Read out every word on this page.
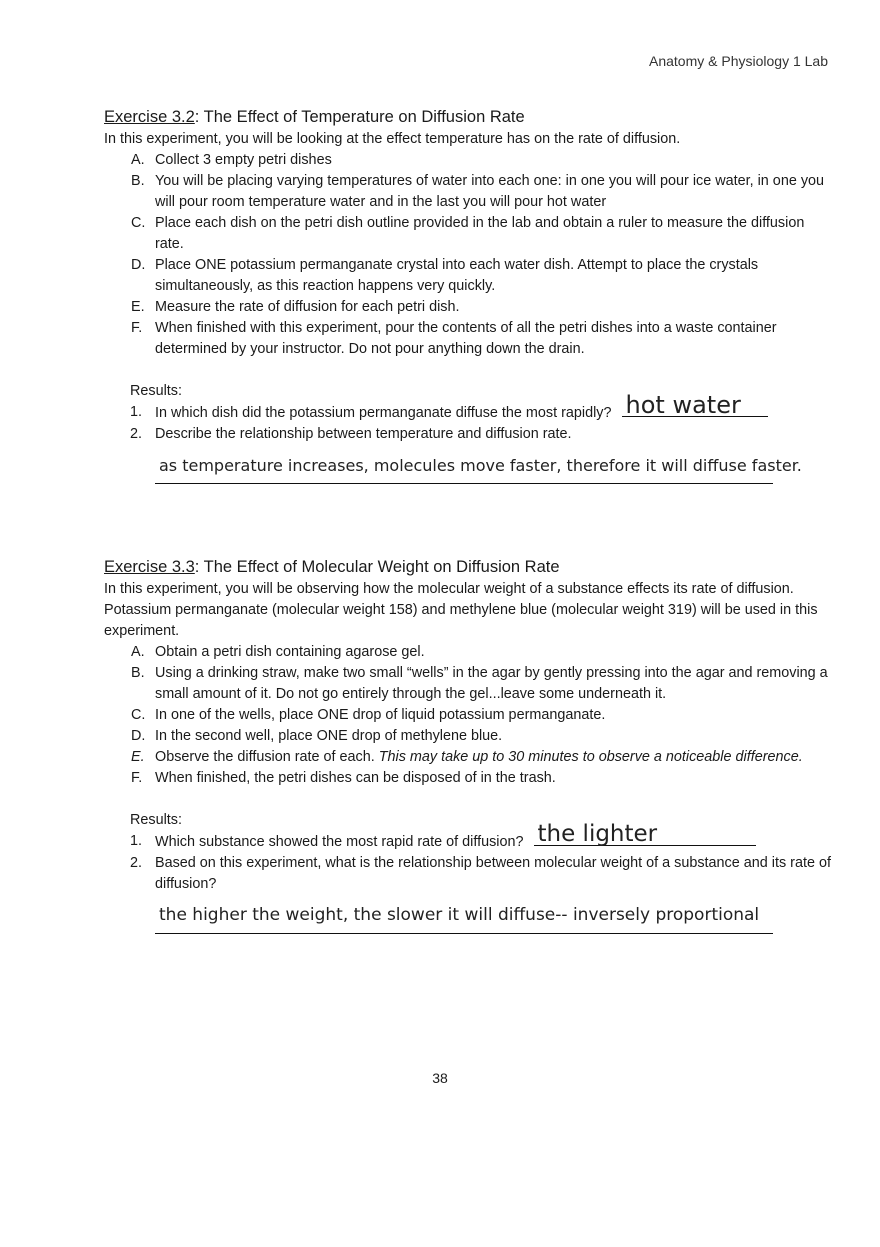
Anatomy & Physiology 1 Lab
Exercise 3.2: The Effect of Temperature on Diffusion Rate
In this experiment, you will be looking at the effect temperature has on the rate of diffusion.
A. Collect 3 empty petri dishes
B. You will be placing varying temperatures of water into each one: in one you will pour ice water, in one you will pour room temperature water and in the last you will pour hot water
C. Place each dish on the petri dish outline provided in the lab and obtain a ruler to measure the diffusion rate.
D. Place ONE potassium permanganate crystal into each water dish. Attempt to place the crystals simultaneously, as this reaction happens very quickly.
E. Measure the rate of diffusion for each petri dish.
F. When finished with this experiment, pour the contents of all the petri dishes into a waste container determined by your instructor. Do not pour anything down the drain.
Results:
1. In which dish did the potassium permanganate diffuse the most rapidly? hot water
2. Describe the relationship between temperature and diffusion rate.
as temperature increases, molecules move faster, therefore it will diffuse faster.
Exercise 3.3: The Effect of Molecular Weight on Diffusion Rate
In this experiment, you will be observing how the molecular weight of a substance effects its rate of diffusion. Potassium permanganate (molecular weight 158) and methylene blue (molecular weight 319) will be used in this experiment.
A. Obtain a petri dish containing agarose gel.
B. Using a drinking straw, make two small “wells” in the agar by gently pressing into the agar and removing a small amount of it. Do not go entirely through the gel...leave some underneath it.
C. In one of the wells, place ONE drop of liquid potassium permanganate.
D. In the second well, place ONE drop of methylene blue.
E. Observe the diffusion rate of each. This may take up to 30 minutes to observe a noticeable difference.
F. When finished, the petri dishes can be disposed of in the trash.
Results:
1. Which substance showed the most rapid rate of diffusion? the lighter
2. Based on this experiment, what is the relationship between molecular weight of a substance and its rate of diffusion?
the higher the weight, the slower it will diffuse-- inversely proportional
38
